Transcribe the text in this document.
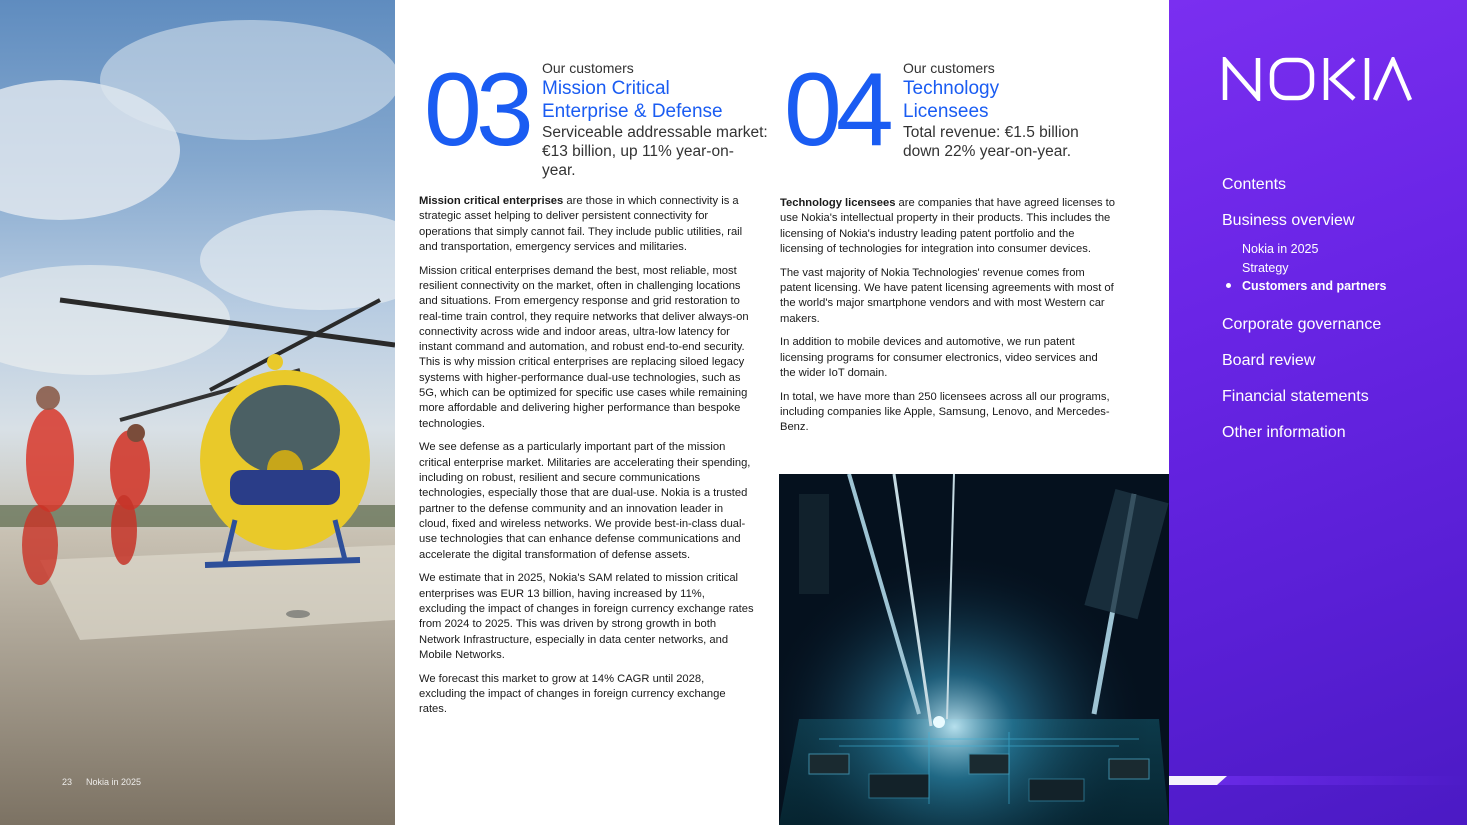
23 Nokia in 2025
03 Our customers
Mission Critical
Enterprise & Defense
Serviceable addressable market:
€13 billion, up 11% year-on-
year.

Mission critical enterprises are those in which connectivity is a strategic asset helping to deliver persistent connectivity for operations that simply cannot fail. They include public utilities, rail and transportation, emergency services and militaries.

Mission critical enterprises demand the best, most reliable, most resilient connectivity on the market, often in challenging locations and situations. From emergency response and grid restoration to real-time train control, they require networks that deliver always-on connectivity across wide and indoor areas, ultra-low latency for instant command and automation, and robust end-to-end security. This is why mission critical enterprises are replacing siloed legacy systems with higher-performance dual-use technologies, such as 5G, which can be optimized for specific use cases while remaining more affordable and delivering higher performance than bespoke technologies.

We see defense as a particularly important part of the mission critical enterprise market. Militaries are accelerating their spending, including on robust, resilient and secure communications technologies, especially those that are dual-use. Nokia is a trusted partner to the defense community and an innovation leader in cloud, fixed and wireless networks. We provide best-in-class dual-use technologies that can enhance defense communications and accelerate the digital transformation of defense assets.

We estimate that in 2025, Nokia's SAM related to mission critical enterprises was EUR 13 billion, having increased by 11%, excluding the impact of changes in foreign currency exchange rates from 2024 to 2025. This was driven by strong growth in both Network Infrastructure, especially in data center networks, and Mobile Networks.

We forecast this market to grow at 14% CAGR until 2028, excluding the impact of changes in foreign currency exchange rates.

04 Our customers
Technology
Licensees
Total revenue: €1.5 billion
down 22% year-on-year.

Technology licensees are companies that have agreed licenses to use Nokia's intellectual property in their products. This includes the licensing of Nokia's industry leading patent portfolio and the licensing of technologies for integration into consumer devices.

The vast majority of Nokia Technologies' revenue comes from patent licensing. We have patent licensing agreements with most of the world's major smartphone vendors and with most Western car makers.

In addition to mobile devices and automotive, we run patent licensing programs for consumer electronics, video services and the wider IoT domain.

In total, we have more than 250 licensees across all our programs, including companies like Apple, Samsung, Lenovo, and Mercedes-Benz.

Contents
Business overview
Nokia in 2025
Strategy
Customers and partners
Corporate governance
Board review
Financial statements
Other information
